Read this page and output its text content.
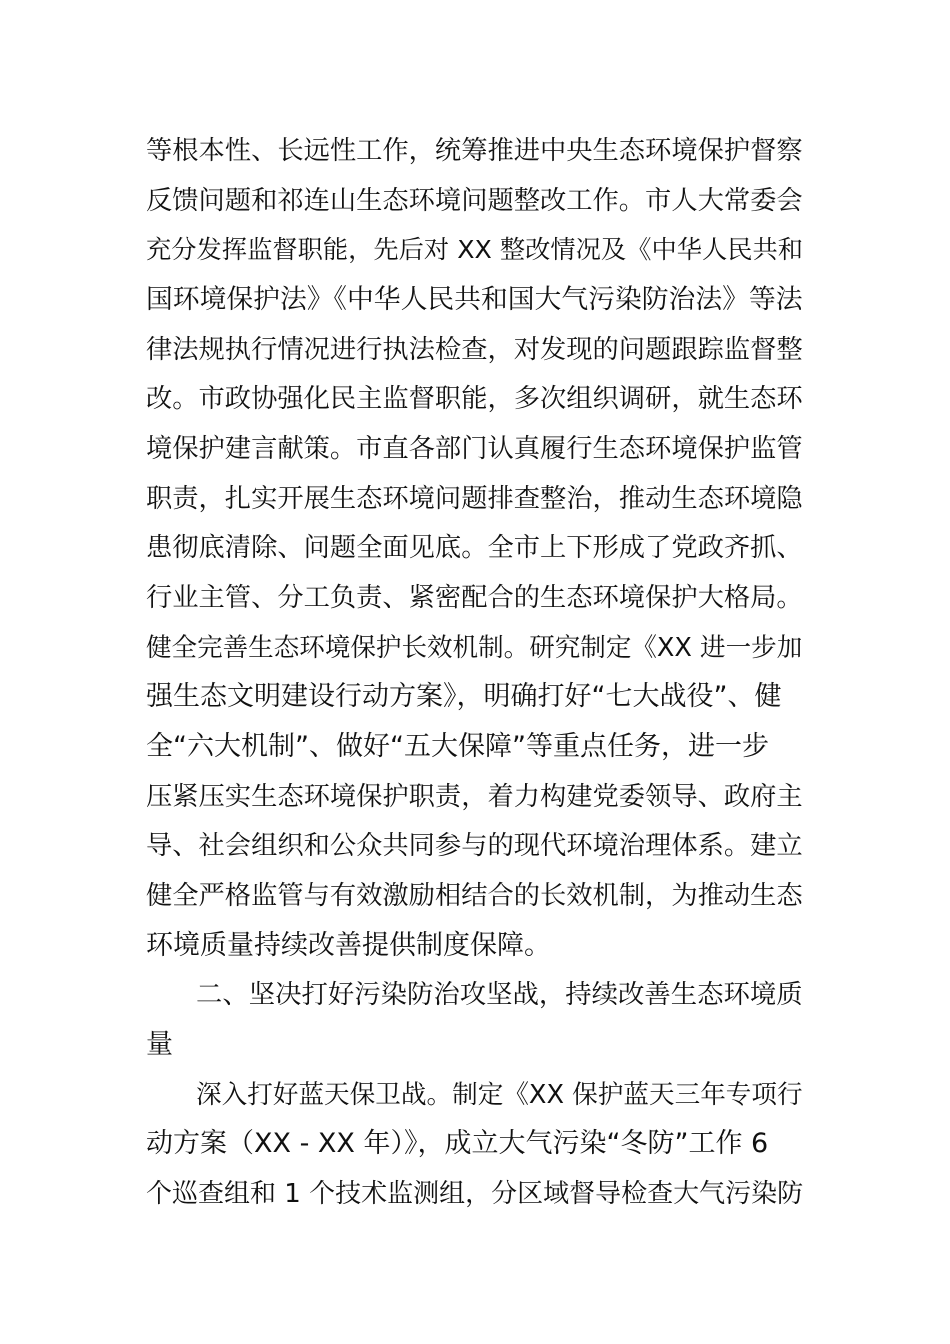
等根本性、长远性工作，统筹推进中央生态环境保护督察
反馈问题和祁连山生态环境问题整改工作。市人大常委会
充分发挥监督职能，先后对 XX 整改情况及《中华人民共和
国环境保护法》《中华人民共和国大气污染防治法》等法
律法规执行情况进行执法检查，对发现的问题跟踪监督整
改。市政协强化民主监督职能，多次组织调研，就生态环
境保护建言献策。市直各部门认真履行生态环境保护监管
职责，扎实开展生态环境问题排查整治，推动生态环境隐
患彻底清除、问题全面见底。全市上下形成了党政齐抓、
行业主管、分工负责、紧密配合的生态环境保护大格局。
健全完善生态环境保护长效机制。研究制定《XX 进一步加
强生态文明建设行动方案》，明确打好“七大战役”、健
全“六大机制”、做好“五大保障”等重点任务，进一步
压紧压实生态环境保护职责，着力构建党委领导、政府主
导、社会组织和公众共同参与的现代环境治理体系。建立
健全严格监管与有效激励相结合的长效机制，为推动生态
环境质量持续改善提供制度保障。
二、坚决打好污染防治攻坚战，持续改善生态环境质
量
深入打好蓝天保卫战。制定《XX 保护蓝天三年专项行
动方案（XX - XX 年）》，成立大气污染“冬防”工作 6
个巡查组和 1 个技术监测组，分区域督导检查大气污染防
